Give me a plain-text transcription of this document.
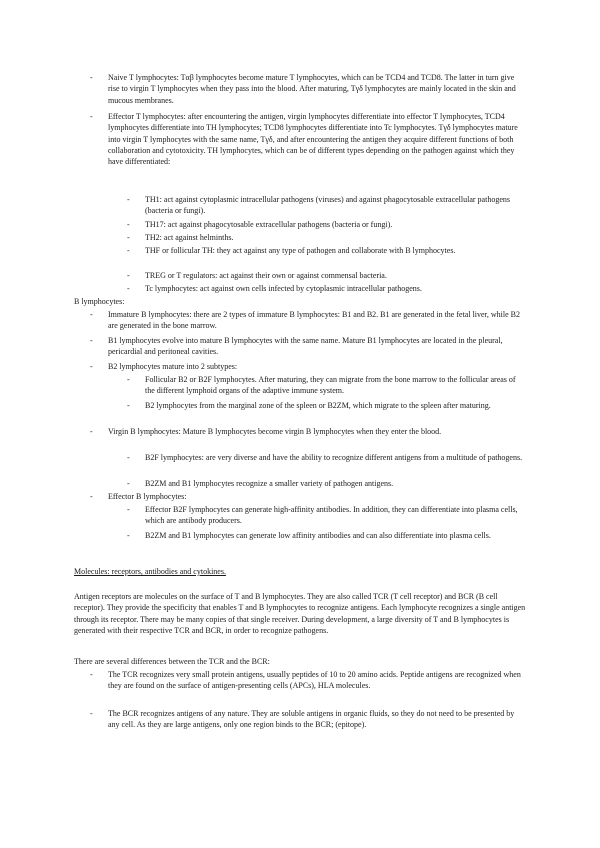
-	Naive T lymphocytes: Tαβ lymphocytes become mature T lymphocytes, which can be TCD4 and TCD8. The latter in turn give rise to virgin T lymphocytes when they pass into the blood. After maturing, Tγδ lymphocytes are mainly located in the skin and mucous membranes.
-	Effector T lymphocytes: after encountering the antigen, virgin lymphocytes differentiate into effector T lymphocytes, TCD4 lymphocytes differentiate into TH lymphocytes; TCD8 lymphocytes differentiate into Tc lymphocytes. Tγδ lymphocytes mature into virgin T lymphocytes with the same name, Tγδ, and after encountering the antigen they acquire different functions of both collaboration and cytotoxicity. TH lymphocytes, which can be of different types depending on the pathogen against which they have differentiated:
-	TH1: act against cytoplasmic intracellular pathogens (viruses) and against phagocytosable extracellular pathogens (bacteria or fungi).
-	TH17: act against phagocytosable extracellular pathogens (bacteria or fungi).
-	TH2: act against helminths.
-	THF or follicular TH: they act against any type of pathogen and collaborate with B lymphocytes.
-	TREG or T regulators: act against their own or against commensal bacteria.
-	Tc lymphocytes: act against own cells infected by cytoplasmic intracellular pathogens.
B lymphocytes:
-	Immature B lymphocytes: there are 2 types of immature B lymphocytes: B1 and B2. B1 are generated in the fetal liver, while B2 are generated in the bone marrow.
-	B1 lymphocytes evolve into mature B lymphocytes with the same name. Mature B1 lymphocytes are located in the pleural, pericardial and peritoneal cavities.
-	B2 lymphocytes mature into 2 subtypes:
-	Follicular B2 or B2F lymphocytes. After maturing, they can migrate from the bone marrow to the follicular areas of the different lymphoid organs of the adaptive immune system.
-	B2 lymphocytes from the marginal zone of the spleen or B2ZM, which migrate to the spleen after maturing.
-	Virgin B lymphocytes: Mature B lymphocytes become virgin B lymphocytes when they enter the blood.
-	B2F lymphocytes: are very diverse and have the ability to recognize different antigens from a multitude of pathogens.
-	B2ZM and B1 lymphocytes recognize a smaller variety of pathogen antigens.
-	Effector B lymphocytes:
-	Effector B2F lymphocytes can generate high-affinity antibodies. In addition, they can differentiate into plasma cells, which are antibody producers.
-	B2ZM and B1 lymphocytes can generate low affinity antibodies and can also differentiate into plasma cells.
Molecules: receptors, antibodies and cytokines.
Antigen receptors are molecules on the surface of T and B lymphocytes. They are also called TCR (T cell receptor) and BCR (B cell receptor). They provide the specificity that enables T and B lymphocytes to recognize antigens. Each lymphocyte recognizes a single antigen through its receptor. There may be many copies of that single receiver. During development, a large diversity of T and B lymphocytes is generated with their respective TCR and BCR, in order to recognize pathogens.
There are several differences between the TCR and the BCR:
-	The TCR recognizes very small protein antigens, usually peptides of 10 to 20 amino acids. Peptide antigens are recognized when they are found on the surface of antigen-presenting cells (APCs), HLA molecules.
-	The BCR recognizes antigens of any nature. They are soluble antigens in organic fluids, so they do not need to be presented by any cell. As they are large antigens, only one region binds to the BCR; (epitope).
